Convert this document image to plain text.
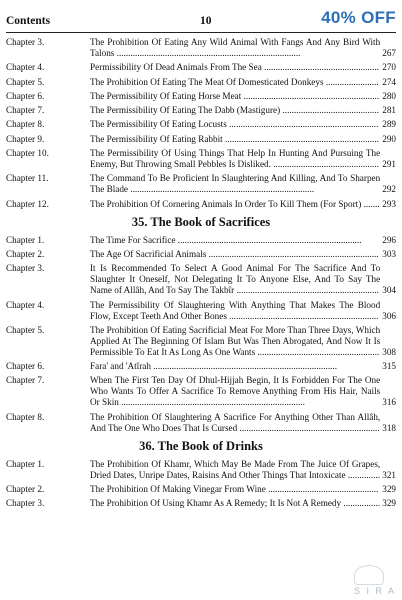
Contents	10	40% OFF
Chapter 3.	The Prohibition Of Eating Any Wild Animal With Fangs And Any Bird With Talons ................................................................................	267
Chapter 4.	Permissibility Of Dead Animals From The Sea .................................................. 270
Chapter 5.	The Prohibition Of Eating The Meat Of Domesticated Donkeys ....................... 274
Chapter 6.	The Permissibility Of Eating Horse Meat ........................................................... 280
Chapter 7.	The Permissibility Of Eating The Dabb (Mastigure) .......................................... 281
Chapter 8.	The Permissibility Of Eating Locusts ................................................................. 289
Chapter 9.	The Permissibility Of Eating Rabbit ................................................................... 290
Chapter 10.	The Permissibility Of Using Things That Help In Hunting And Pursuing The Enemy, But Throwing Small Pebbles Is Disliked. .............................................. 291
Chapter 11.	The Command To Be Proficient In Slaughtering And Killing, And To Sharpen The Blade ................................................................................	292
Chapter 12.	The Prohibition Of Cornering Animals In Order To Kill Them (For Sport) ....... 293
35. The Book of Sacrifices
Chapter 1.	The Time For Sacrifice ................................................................................	296
Chapter 2.	The Age Of Sacrificial Animals .......................................................................... 303
Chapter 3.	It Is Recommended To Select A Good Animal For The Sacrifice And To Slaughter It Oneself, Not Delegating It To Anyone Else, And To Say The Name of Allâh, And To Say The Takbîr .............................................................. 304
Chapter 4.	The Permissibility Of Slaughtering With Anything That Makes The Blood Flow, Except Teeth And Other Bones ................................................................. 306
Chapter 5.	The Prohibition Of Eating Sacrificial Meat For More Than Three Days, Which Applied At The Beginning Of Islam But Was Then Abrogated, And Now It Is Permissible To Eat It As Long As One Wants ..................................................... 308
Chapter 6.	Fara' and 'Atîrah ................................................................................	315
Chapter 7.	When The First Ten Day Of Dhul-Hijjah Begin, It Is Forbidden For The One Who Wants To Offer A Sacrifice To Remove Anything From His Hair, Nails Or Skin ................................................................................	316
Chapter 8.	The Prohibition Of Slaughtering A Sacrifice For Anything Other Than Allâh, And The One Who Does That Is Cursed ............................................................. 318
36. The Book of Drinks
Chapter 1.	The Prohibition Of Khamr, Which May Be Made From The Juice Of Grapes, Dried Dates, Unripe Dates, Raisins And Other Things That Intoxicate .............. 321
Chapter 2.	The Prohibition Of Making Vinegar From Wine ................................................ 329
Chapter 3.	The Prohibition Of Using Khamr As A Remedy; It Is Not A Remedy ................ 329
S I R A
